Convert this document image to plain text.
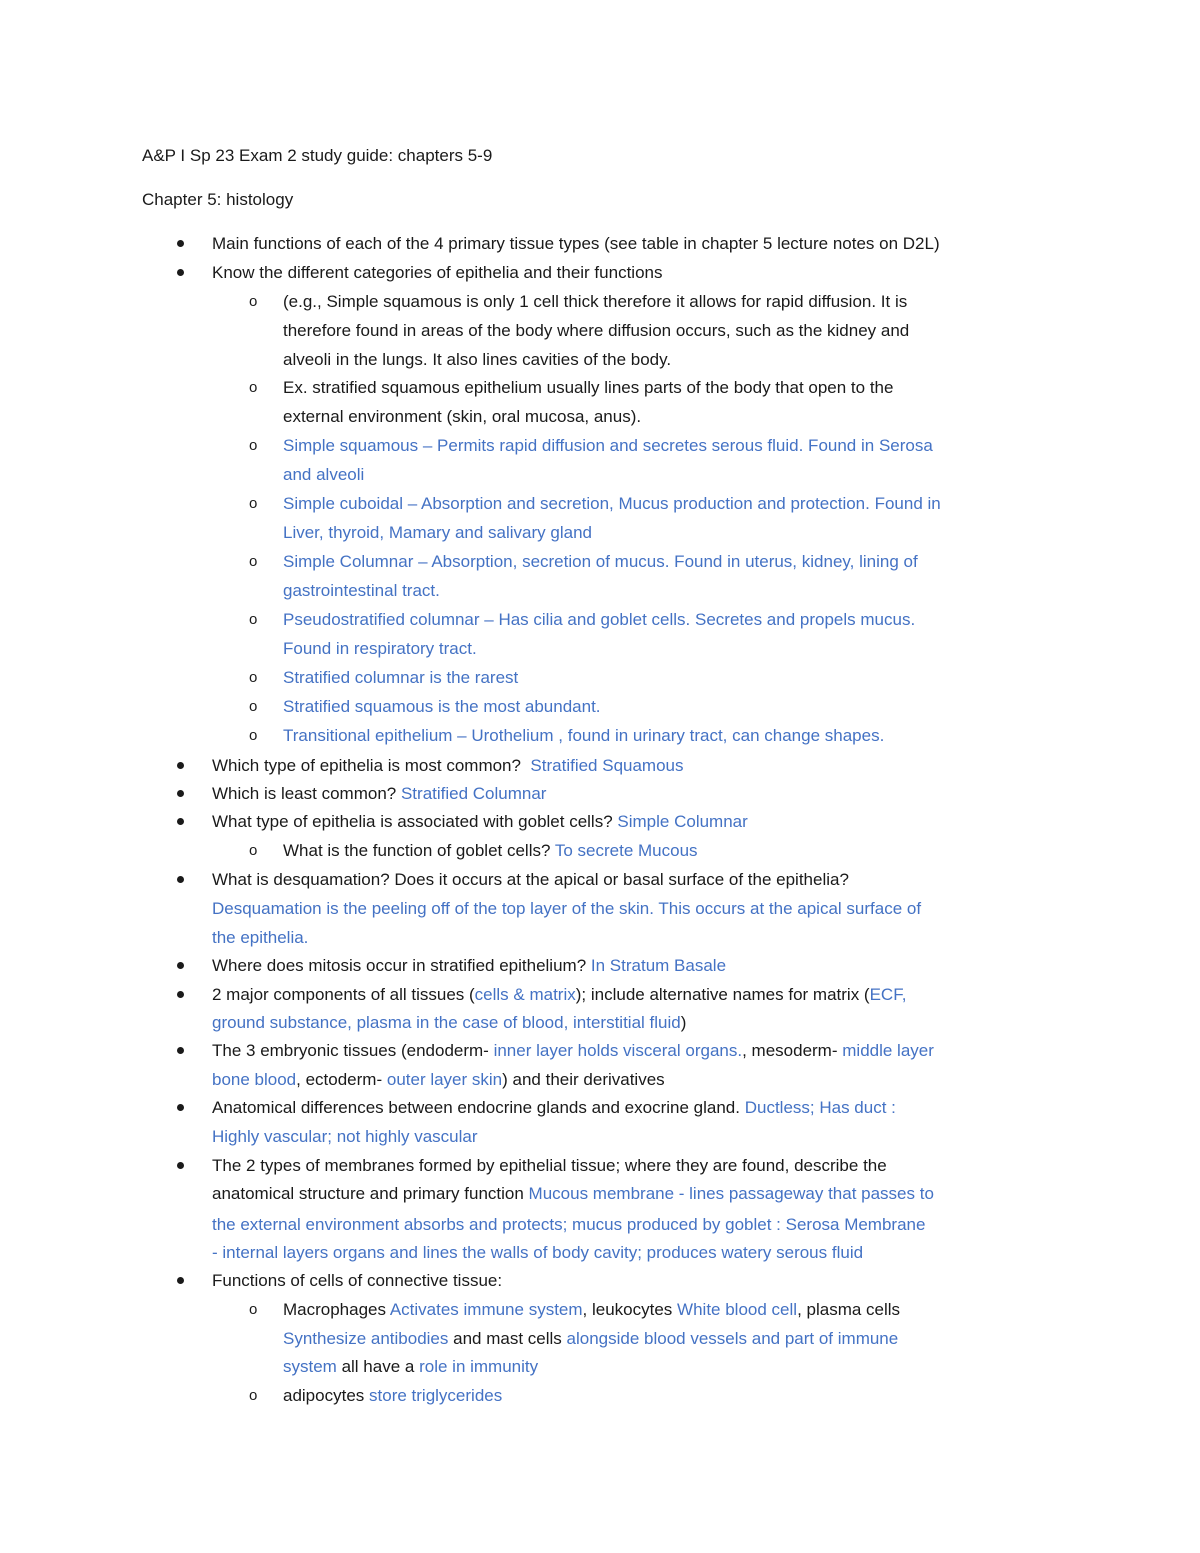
A&P I Sp 23 Exam 2 study guide: chapters 5-9
Chapter 5: histology
Main functions of each of the 4 primary tissue types (see table in chapter 5 lecture notes on D2L)
Know the different categories of epithelia and their functions
o (e.g., Simple squamous is only 1 cell thick therefore it allows for rapid diffusion. It is
therefore found in areas of the body where diffusion occurs, such as the kidney and
alveoli in the lungs. It also lines cavities of the body.
o Ex. stratified squamous epithelium usually lines parts of the body that open to the
external environment (skin, oral mucosa, anus).
o Simple squamous – Permits rapid diffusion and secretes serous fluid. Found in Serosa
and alveoli
o Simple cuboidal – Absorption and secretion, Mucus production and protection. Found in
Liver, thyroid, Mamary and salivary gland
o Simple Columnar – Absorption, secretion of mucus. Found in uterus, kidney, lining of
gastrointestinal tract.
o Pseudostratified columnar – Has cilia and goblet cells. Secretes and propels mucus.
Found in respiratory tract.
o Stratified columnar is the rarest
o Stratified squamous is the most abundant.
o Transitional epithelium – Urothelium , found in urinary tract, can change shapes.
Which type of epithelia is most common? Stratified Squamous
Which is least common? Stratified Columnar
What type of epithelia is associated with goblet cells? Simple Columnar
o What is the function of goblet cells? To secrete Mucous
What is desquamation? Does it occurs at the apical or basal surface of the epithelia?
Desquamation is the peeling off of the top layer of the skin. This occurs at the apical surface of
the epithelia.
Where does mitosis occur in stratified epithelium? In Stratum Basale
2 major components of all tissues (cells & matrix); include alternative names for matrix (ECF,
ground substance, plasma in the case of blood, interstitial fluid)
The 3 embryonic tissues (endoderm- inner layer holds visceral organs., mesoderm- middle layer
bone blood, ectoderm- outer layer skin) and their derivatives
Anatomical differences between endocrine glands and exocrine gland. Ductless; Has duct :
Highly vascular; not highly vascular
The 2 types of membranes formed by epithelial tissue; where they are found, describe the
anatomical structure and primary function Mucous membrane - lines passageway that passes to
the external environment absorbs and protects; mucus produced by goblet : Serosa Membrane
- internal layers organs and lines the walls of body cavity; produces watery serous fluid
Functions of cells of connective tissue:
o Macrophages Activates immune system, leukocytes White blood cell, plasma cells
Synthesize antibodies and mast cells alongside blood vessels and part of immune
system all have a role in immunity
o adipocytes store triglycerides
